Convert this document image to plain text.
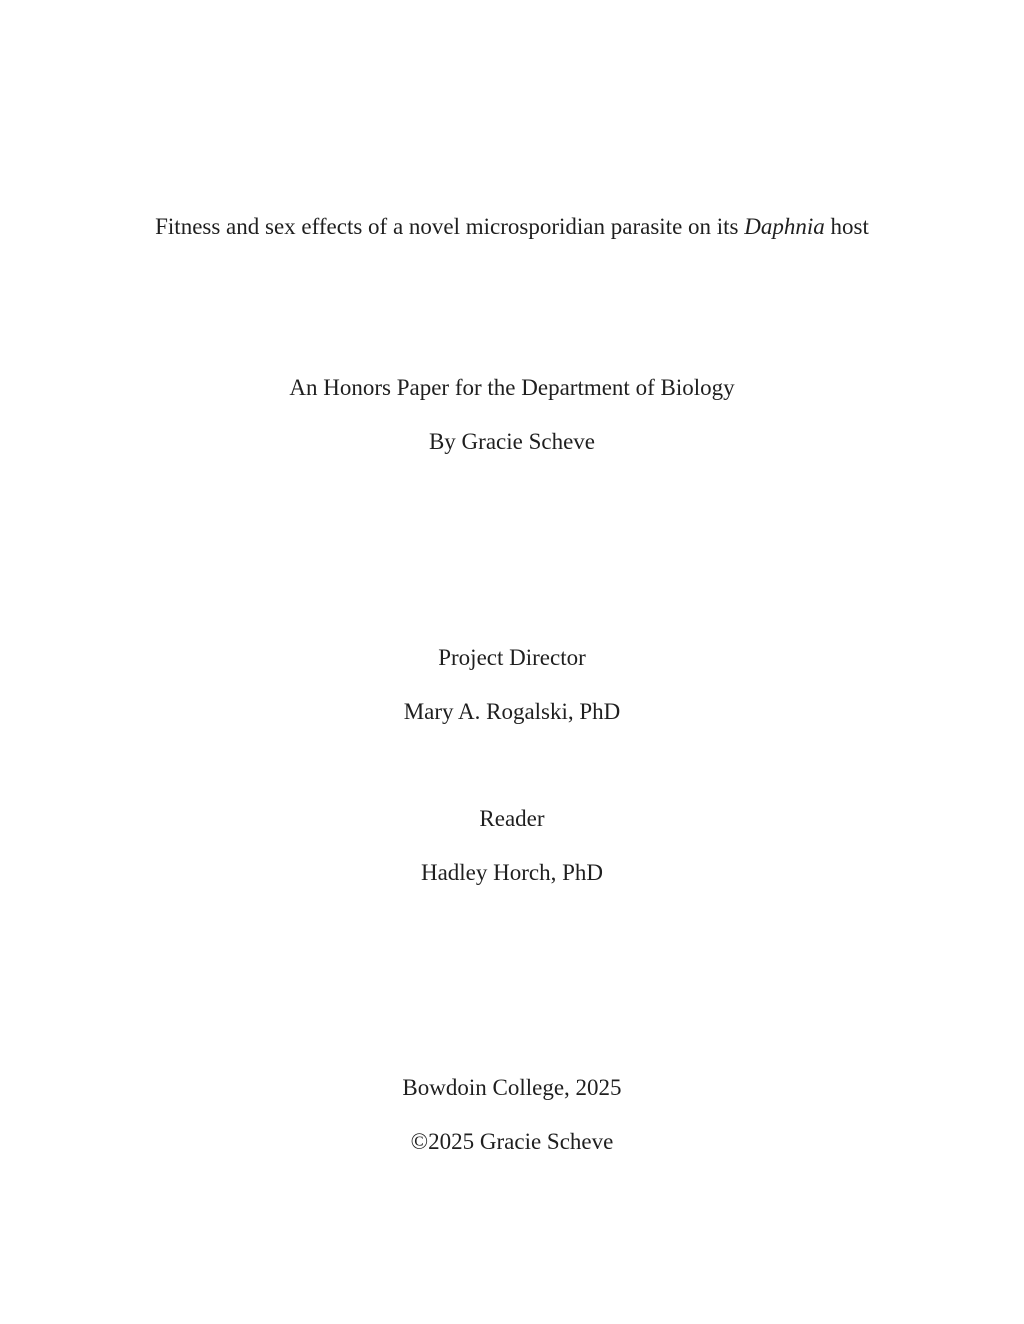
Fitness and sex effects of a novel microsporidian parasite on its Daphnia host
An Honors Paper for the Department of Biology
By Gracie Scheve
Project Director
Mary A. Rogalski, PhD
Reader
Hadley Horch, PhD
Bowdoin College, 2025
©2025 Gracie Scheve
